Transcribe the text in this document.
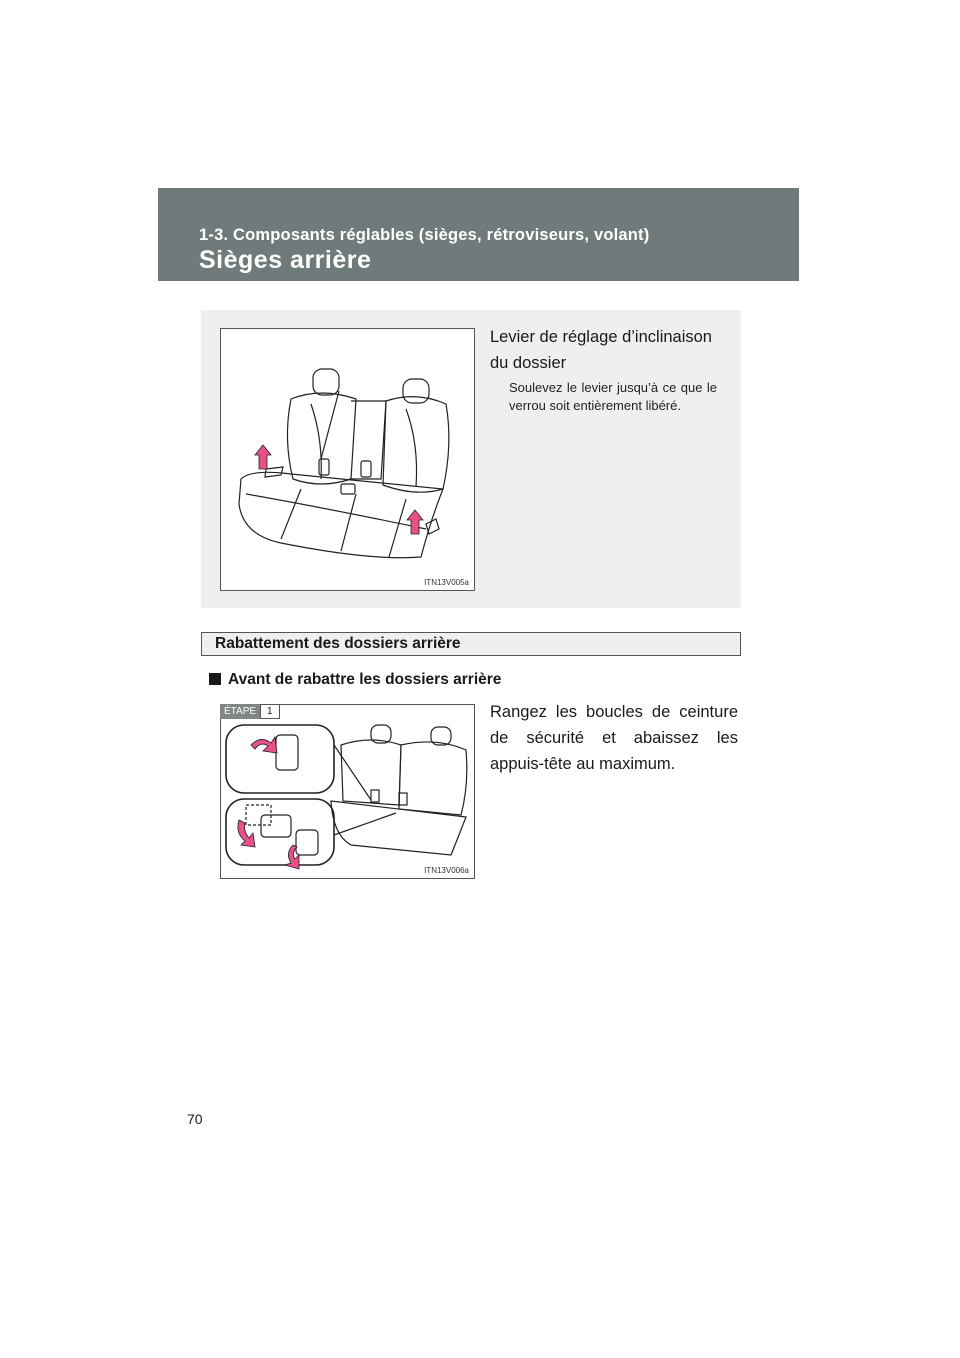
1-3. Composants réglables (sièges, rétroviseurs, volant)
Sièges arrière
ITN13V005a
Levier de réglage d’inclinaison du dossier
Soulevez le levier jusqu’à ce que le verrou soit entièrement libéré.
Rabattement des dossiers arrière
Avant de rabattre les dossiers arrière
ITN13V006a
ÉTAPE	1	Rangez les boucles de ceinture de sécurité et abaissez les appuis-tête au maximum.
70
